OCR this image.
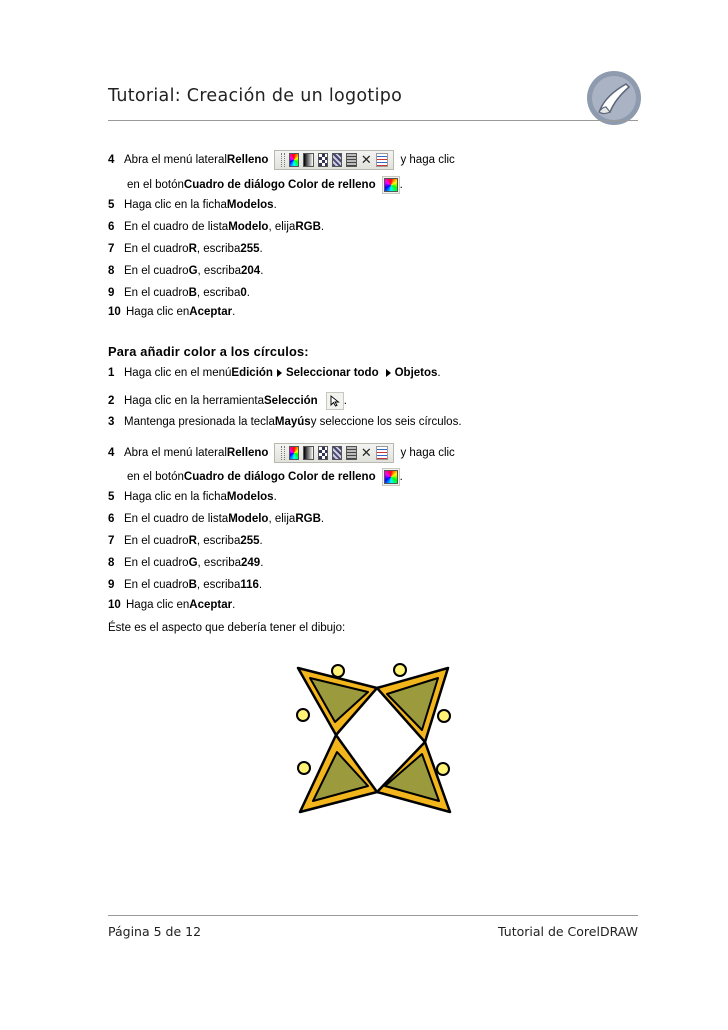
Tutorial: Creación de un logotipo
4 Abra el menú lateral Relleno	✕	y haga clic
en el botón Cuadro de diálogo Color de relleno .
5 Haga clic en la ficha Modelos .
6 En el cuadro de lista Modelo , elija RGB .
7 En el cuadro R , escriba 255 .
8 En el cuadro G , escriba 204 .
9 En el cuadro B , escriba 0 .
10 Haga clic en Aceptar .
Para añadir color a los círculos:
1 Haga clic en el menú Edición Seleccionar todo Objetos .
2 Haga clic en la herramienta Selección .
3 Mantenga presionada la tecla Mayús y seleccione los seis círculos.
4 Abra el menú lateral Relleno	✕	y haga clic
en el botón Cuadro de diálogo Color de relleno .
5 Haga clic en la ficha Modelos .
6 En el cuadro de lista Modelo , elija RGB .
7 En el cuadro R , escriba 255 .
8 En el cuadro G , escriba 249 .
9 En el cuadro B , escriba 116 .
10 Haga clic en Aceptar .
Éste es el aspecto que debería tener el dibujo:
Página 5 de 12	Tutorial de CorelDRAW
